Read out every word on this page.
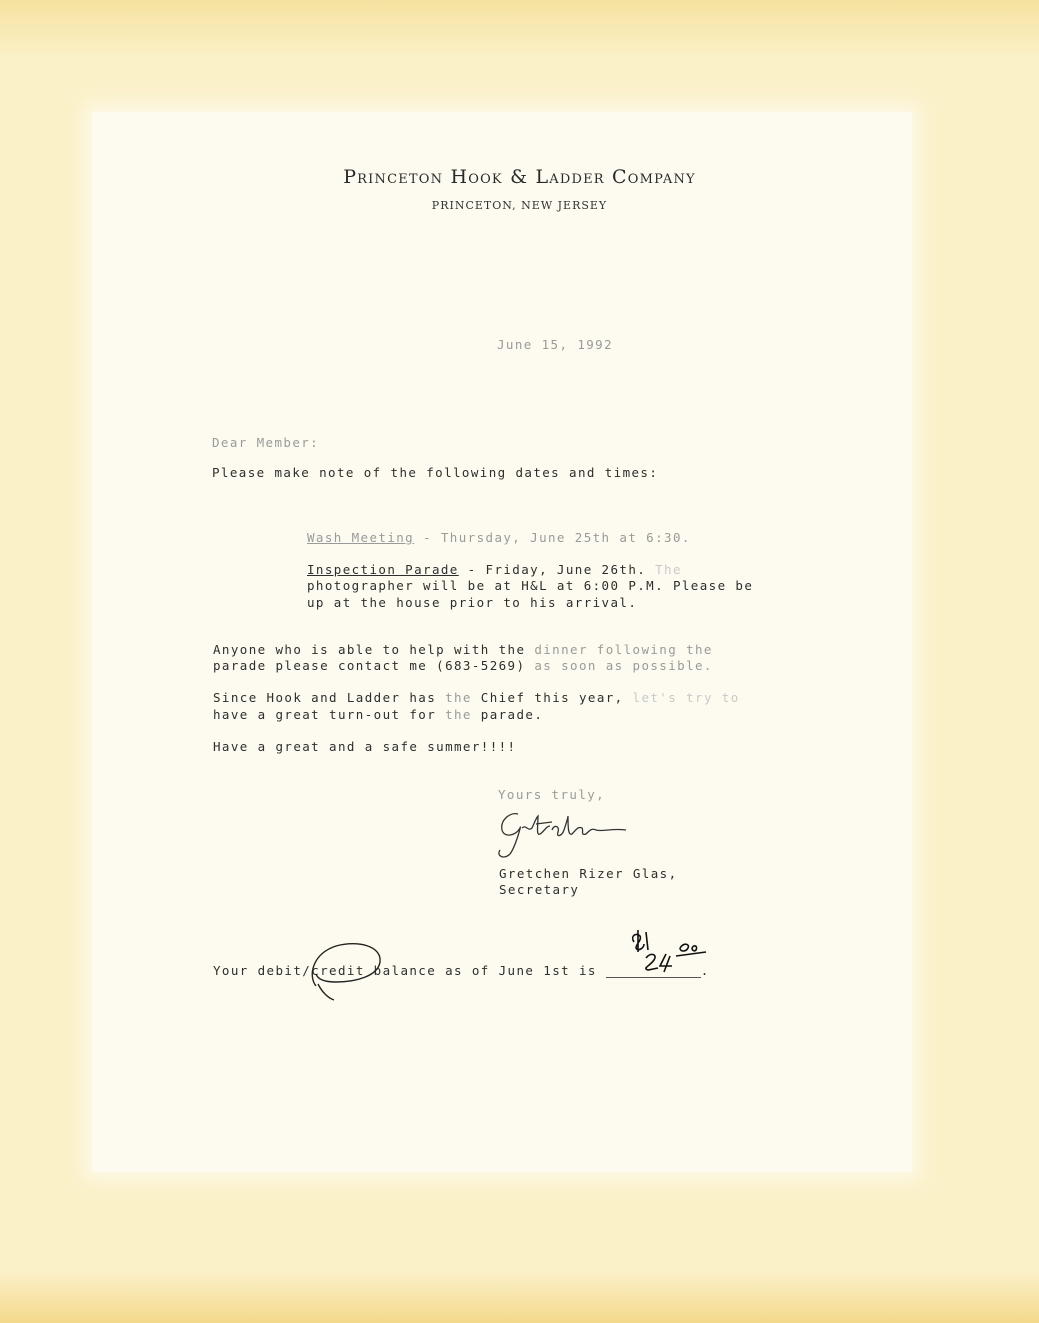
Princeton Hook & Ladder Company
PRINCETON, NEW JERSEY
June 15, 1992
Dear Member:
Please make note of the following dates and times:
Wash Meeting - Thursday, June 25th at 6:30.
Inspection Parade - Friday, June 26th. The
photographer will be at H&L at 6:00 P.M. Please be
up at the house prior to his arrival.
Anyone who is able to help with the dinner following the
parade please contact me (683-5269) as soon as possible.
Since Hook and Ladder has the Chief this year, let's try to
have a great turn-out for the parade.
Have a great and a safe summer!!!!
Yours truly,
Gretchen Rizer Glas,
Secretary
Your debit/credit balance as of June 1st is	.
